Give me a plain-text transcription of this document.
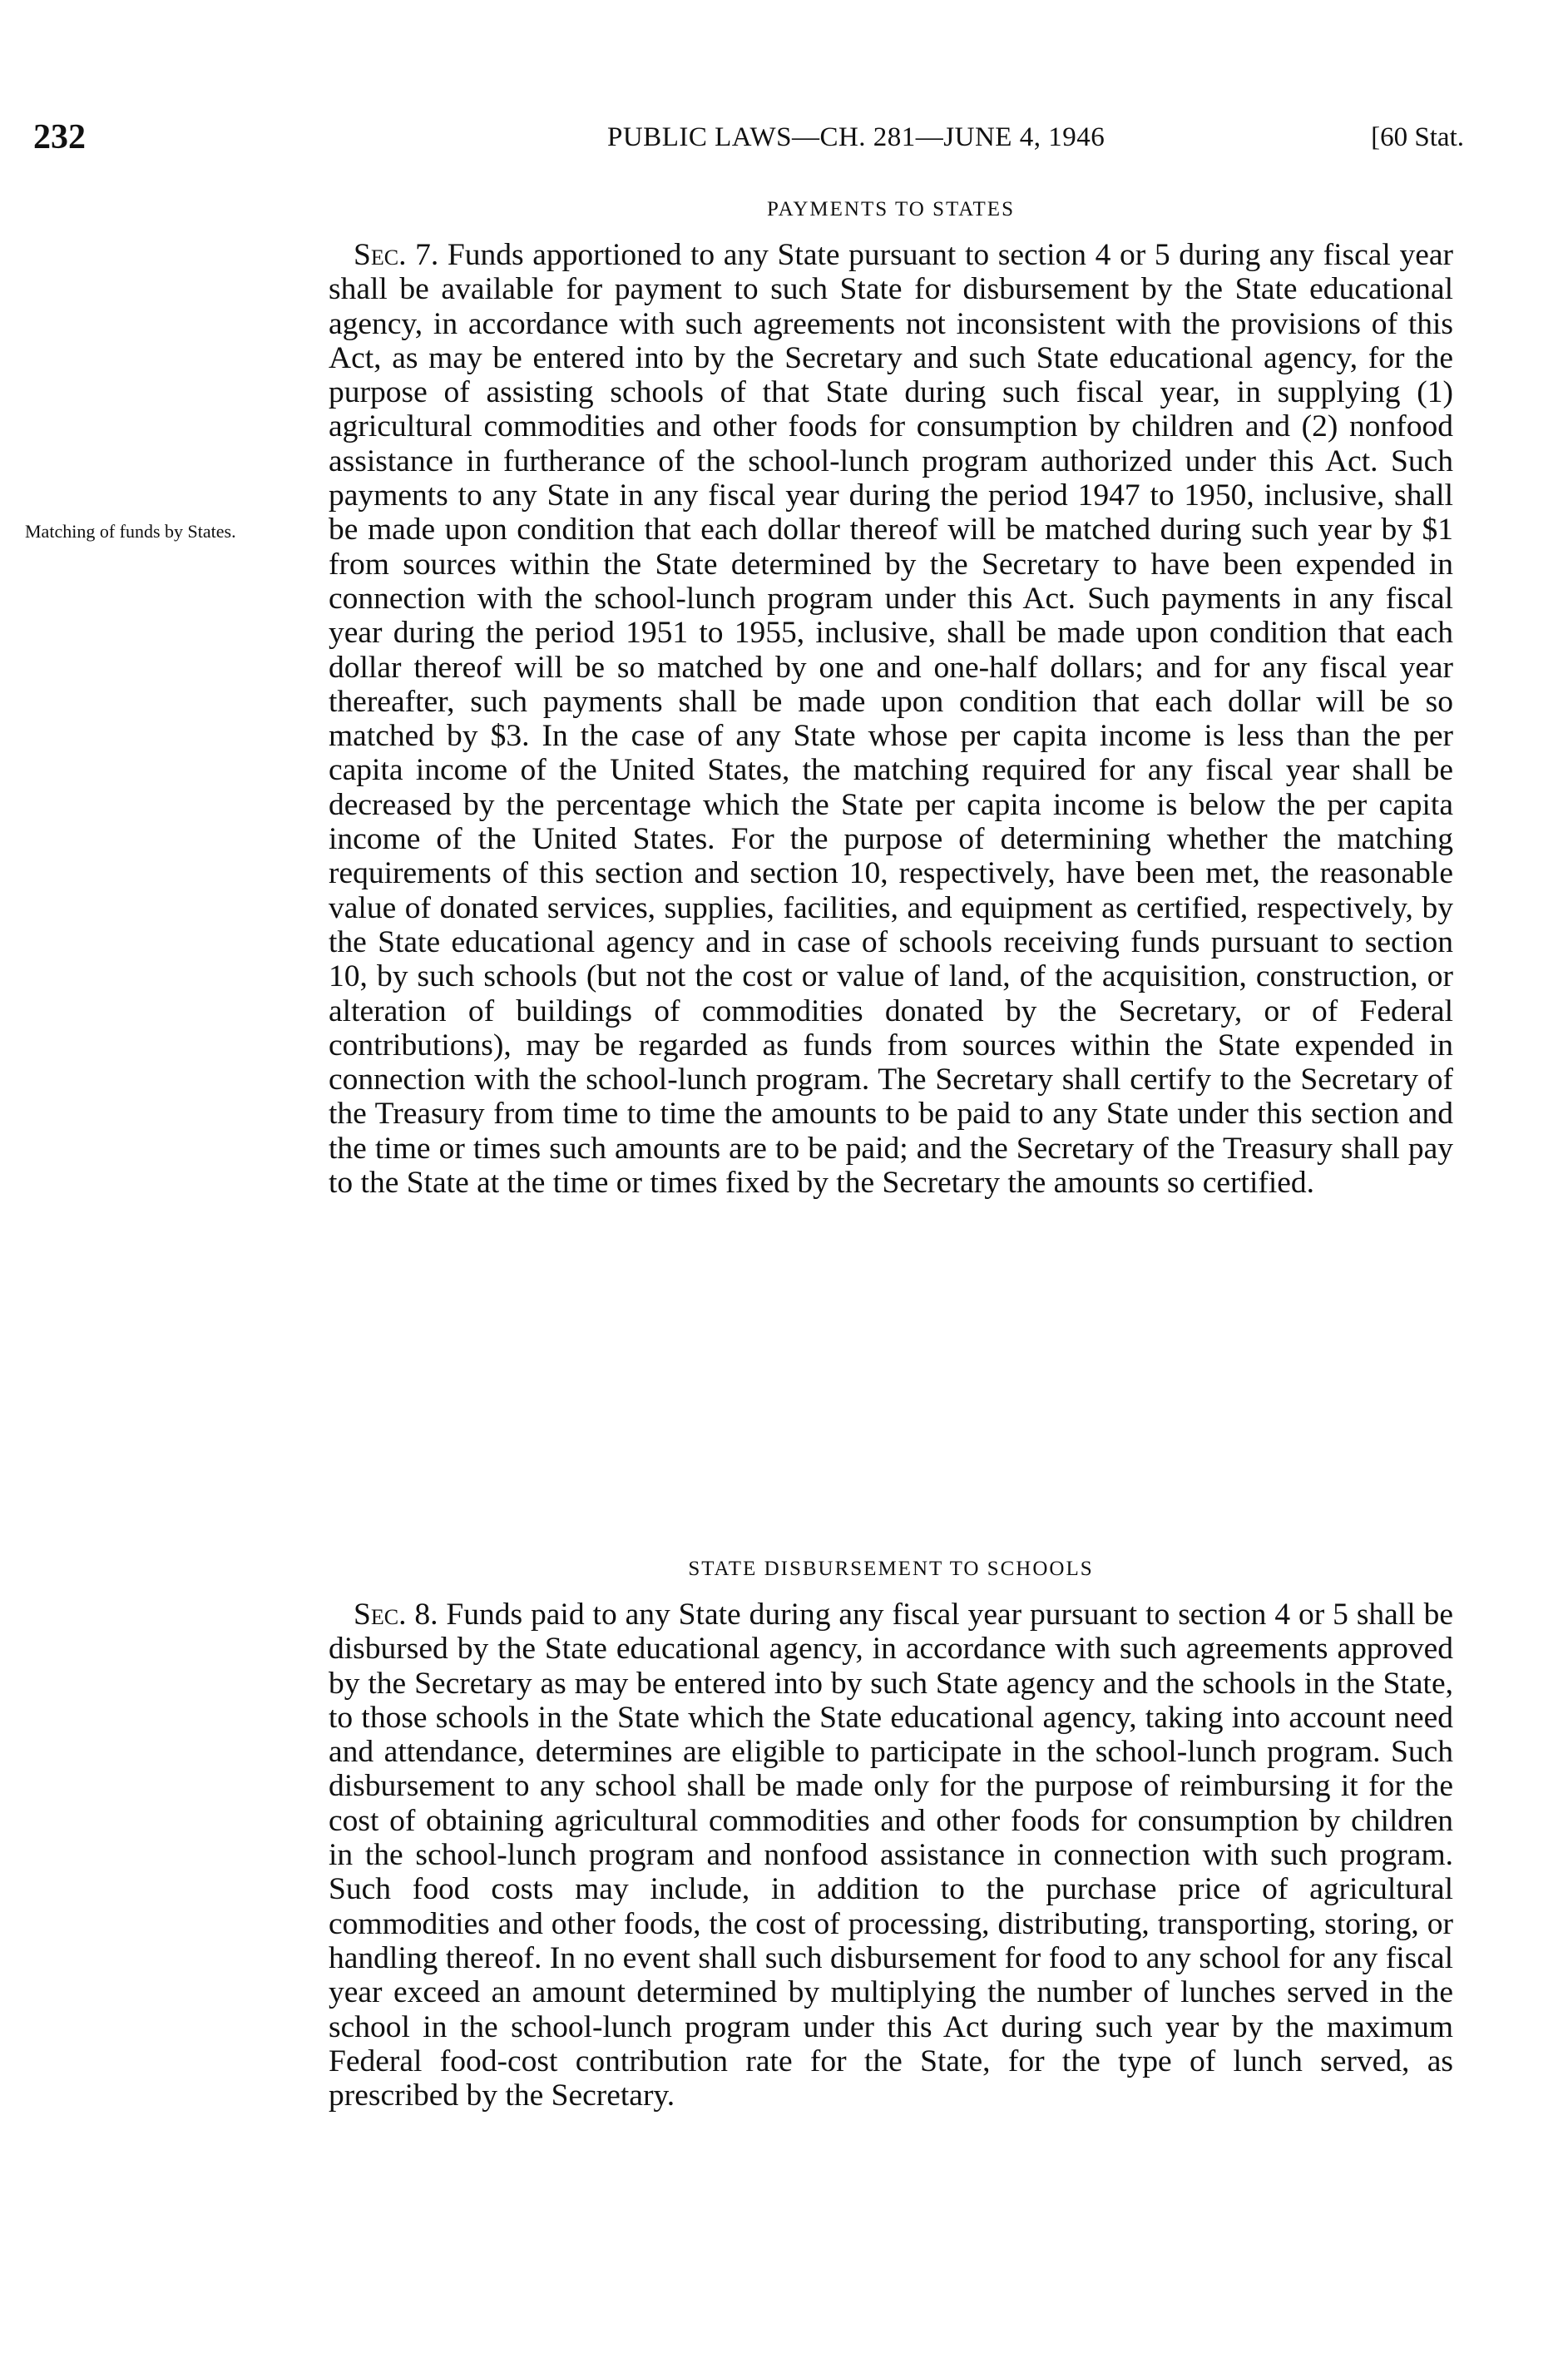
232	PUBLIC LAWS—CH. 281—JUNE 4, 1946	[60 Stat.
Matching of funds by States.
PAYMENTS TO STATES

Sec. 7. Funds apportioned to any State pursuant to section 4 or 5 during any fiscal year shall be available for payment to such State for disbursement by the State educational agency, in accordance with such agreements not inconsistent with the provisions of this Act, as may be entered into by the Secretary and such State educational agency, for the purpose of assisting schools of that State during such fiscal year, in supplying (1) agricultural commodities and other foods for consumption by children and (2) nonfood assistance in furtherance of the school-lunch program authorized under this Act. Such payments to any State in any fiscal year during the period 1947 to 1950, inclusive, shall be made upon condition that each dollar thereof will be matched during such year by $1 from sources within the State determined by the Secretary to have been expended in connection with the school-lunch program under this Act. Such payments in any fiscal year during the period 1951 to 1955, inclusive, shall be made upon condition that each dollar thereof will be so matched by one and one-half dollars; and for any fiscal year thereafter, such payments shall be made upon condition that each dollar will be so matched by $3. In the case of any State whose per capita income is less than the per capita income of the United States, the matching required for any fiscal year shall be decreased by the percentage which the State per capita income is below the per capita income of the United States. For the purpose of determining whether the matching requirements of this section and section 10, respectively, have been met, the reasonable value of donated services, supplies, facilities, and equipment as certified, respectively, by the State educational agency and in case of schools receiving funds pursuant to section 10, by such schools (but not the cost or value of land, of the acquisition, construction, or alteration of buildings of commodities donated by the Secretary, or of Federal contributions), may be regarded as funds from sources within the State expended in connection with the school-lunch program. The Secretary shall certify to the Secretary of the Treasury from time to time the amounts to be paid to any State under this section and the time or times such amounts are to be paid; and the Secretary of the Treasury shall pay to the State at the time or times fixed by the Secretary the amounts so certified.

STATE DISBURSEMENT TO SCHOOLS

Sec. 8. Funds paid to any State during any fiscal year pursuant to section 4 or 5 shall be disbursed by the State educational agency, in accordance with such agreements approved by the Secretary as may be entered into by such State agency and the schools in the State, to those schools in the State which the State educational agency, taking into account need and attendance, determines are eligible to participate in the school-lunch program. Such disbursement to any school shall be made only for the purpose of reimbursing it for the cost of obtaining agricultural commodities and other foods for consumption by children in the school-lunch program and nonfood assistance in connection with such program. Such food costs may include, in addition to the purchase price of agricultural commodities and other foods, the cost of processing, distributing, transporting, storing, or handling thereof. In no event shall such disbursement for food to any school for any fiscal year exceed an amount determined by multiplying the number of lunches served in the school in the school-lunch program under this Act during such year by the maximum Federal food-cost contribution rate for the State, for the type of lunch served, as prescribed by the Secretary.
